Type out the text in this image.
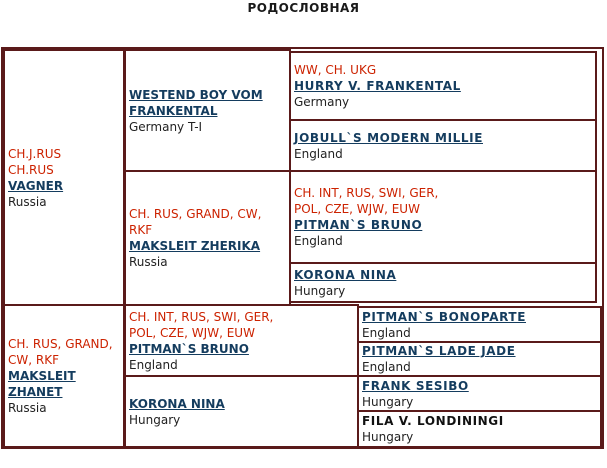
РОДОСЛОВНАЯ
CH.J.RUS
CH.RUS
VAGNER
Russia
CH. RUS, GRAND,
CW, RKF
MAKSLEIT
ZHANET
Russia
WESTEND BOY VOM
FRANKENTAL
Germany T-I
CH. RUS, GRAND, CW,
RKF
MAKSLEIT ZHERIKA
Russia
CH. INT, RUS, SWI, GER,
POL, CZE, WJW, EUW
PITMAN`S BRUNO
England
KORONA NINA
Hungary
WW, CH. UKG
HURRY V. FRANKENTAL
Germany
JOBULL`S MODERN MILLIE
England
CH. INT, RUS, SWI, GER,
POL, CZE, WJW, EUW
PITMAN`S BRUNO
England
KORONA NINA
Hungary
PITMAN`S BONOPARTE
England
PITMAN`S LADE JADE
England
FRANK SESIBO
Hungary
FILA V. LONDININGI
Hungary
